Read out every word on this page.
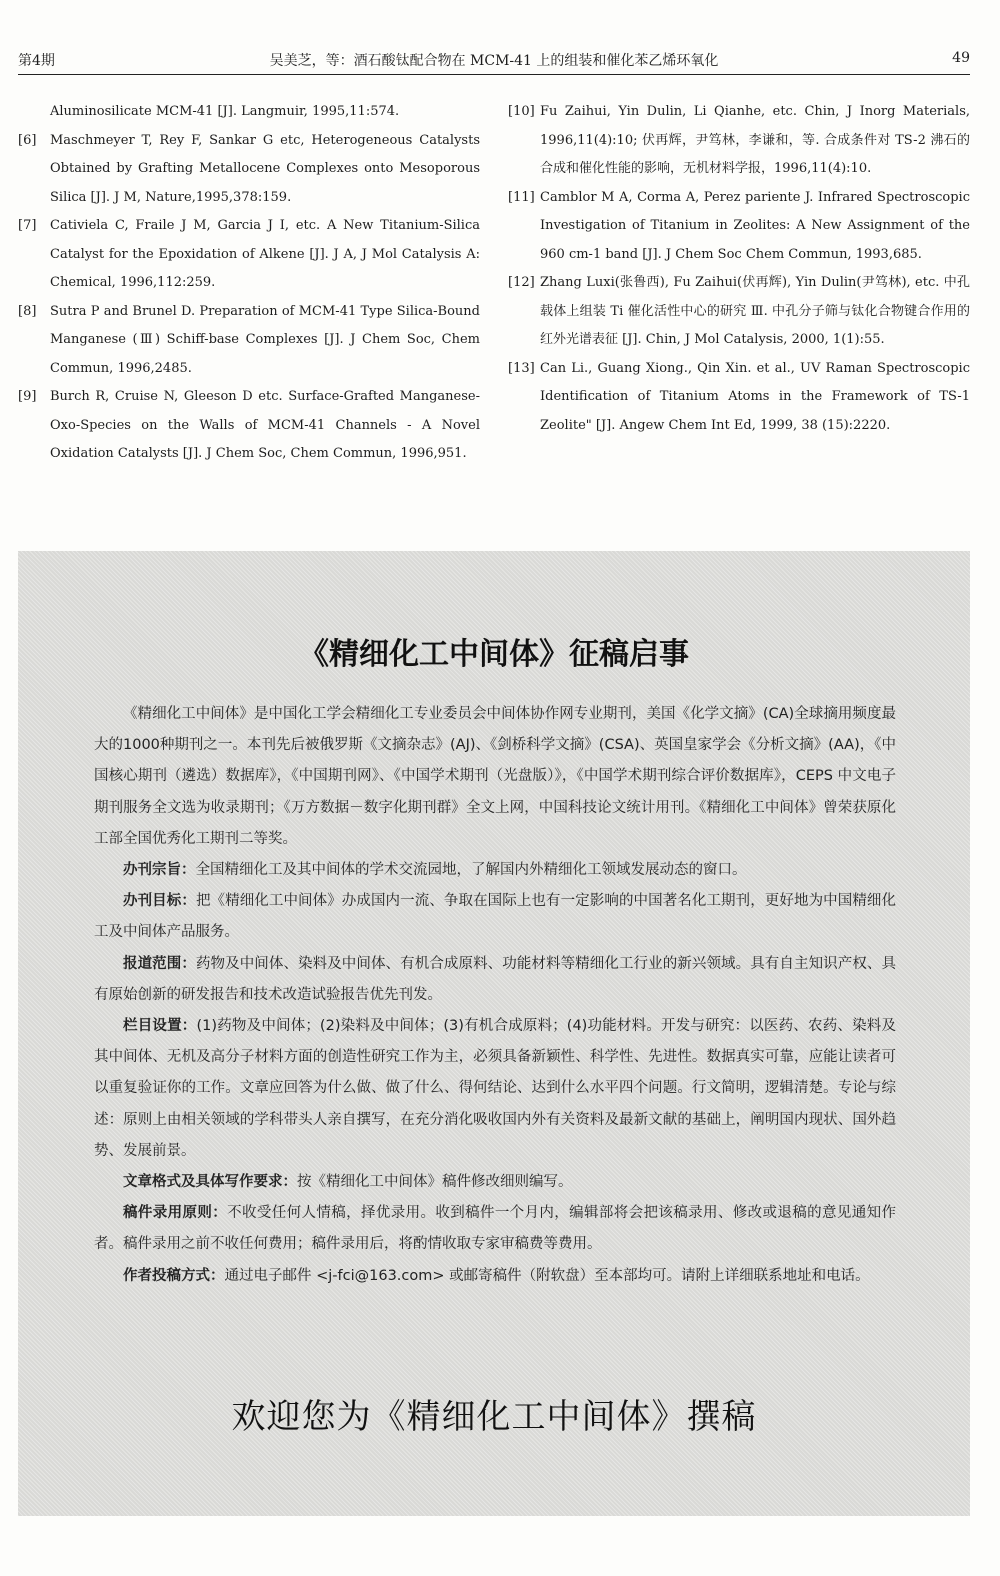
第4期	吴美芝，等：酒石酸钛配合物在 MCM-41 上的组装和催化苯乙烯环氧化	49
Aluminosilicate MCM-41 [J]. Langmuir, 1995,11:574.
[6] Maschmeyer T, Rey F, Sankar G etc, Heterogeneous Catalysts Obtained by Grafting Metallocene Complexes onto Mesoporous Silica [J]. J M, Nature,1995,378:159.
[7] Cativiela C, Fraile J M, Garcia J I, etc. A New Titanium-Silica Catalyst for the Epoxidation of Alkene [J]. J A, J Mol Catalysis A: Chemical, 1996,112:259.
[8] Sutra P and Brunel D. Preparation of MCM-41 Type Silica-Bound Manganese (Ⅲ) Schiff-base Complexes [J]. J Chem Soc, Chem Commun, 1996,2485.
[9] Burch R, Cruise N, Gleeson D etc. Surface-Grafted Manganese-Oxo-Species on the Walls of MCM-41 Channels - A Novel Oxidation Catalysts [J]. J Chem Soc, Chem Commun, 1996,951.
[10] Fu Zaihui, Yin Dulin, Li Qianhe, etc. Chin, J Inorg Materials, 1996,11(4):10; 伏再辉，尹笃林，李谦和，等. 合成条件对 TS-2 沸石的合成和催化性能的影响，无机材料学报，1996,11(4):10.
[11] Camblor M A, Corma A, Perez pariente J. Infrared Spectroscopic Investigation of Titanium in Zeolites: A New Assignment of the 960 cm-1 band [J]. J Chem Soc Chem Commun, 1993,685.
[12] Zhang Luxi(张鲁西), Fu Zaihui(伏再辉), Yin Dulin(尹笃林), etc. 中孔载体上组装 Ti 催化活性中心的研究 Ⅲ. 中孔分子筛与钛化合物键合作用的红外光谱表征 [J]. Chin, J Mol Catalysis, 2000, 1(1):55.
[13] Can Li., Guang Xiong., Qin Xin. et al., UV Raman Spectroscopic Identification of Titanium Atoms in the Framework of TS-1 Zeolite" [J]. Angew Chem Int Ed, 1999, 38 (15):2220.
《精细化工中间体》征稿启事

《精细化工中间体》是中国化工学会精细化工专业委员会中间体协作网专业期刊，美国《化学文摘》(CA)全球摘用频度最大的1000种期刊之一。本刊先后被俄罗斯《文摘杂志》(AJ)、《剑桥科学文摘》(CSA)、英国皇家学会《分析文摘》(AA)，《中国核心期刊（遴选）数据库》，《中国期刊网》、《中国学术期刊（光盘版）》，《中国学术期刊综合评价数据库》，CEPS 中文电子期刊服务全文选为收录期刊；《万方数据－数字化期刊群》全文上网，中国科技论文统计用刊。《精细化工中间体》曾荣获原化工部全国优秀化工期刊二等奖。

办刊宗旨：全国精细化工及其中间体的学术交流园地，了解国内外精细化工领域发展动态的窗口。

办刊目标：把《精细化工中间体》办成国内一流、争取在国际上也有一定影响的中国著名化工期刊，更好地为中国精细化工及中间体产品服务。

报道范围：药物及中间体、染料及中间体、有机合成原料、功能材料等精细化工行业的新兴领域。具有自主知识产权、具有原始创新的研发报告和技术改造试验报告优先刊发。

栏目设置：(1)药物及中间体；(2)染料及中间体；(3)有机合成原料；(4)功能材料。开发与研究：以医药、农药、染料及其中间体、无机及高分子材料方面的创造性研究工作为主，必须具备新颖性、科学性、先进性。数据真实可靠，应能让读者可以重复验证你的工作。文章应回答为什么做、做了什么、得何结论、达到什么水平四个问题。行文简明，逻辑清楚。专论与综述：原则上由相关领域的学科带头人亲自撰写，在充分消化吸收国内外有关资料及最新文献的基础上，阐明国内现状、国外趋势、发展前景。

文章格式及具体写作要求：按《精细化工中间体》稿件修改细则编写。

稿件录用原则：不收受任何人情稿，择优录用。收到稿件一个月内，编辑部将会把该稿录用、修改或退稿的意见通知作者。稿件录用之前不收任何费用；稿件录用后，将酌情收取专家审稿费等费用。

作者投稿方式：通过电子邮件 <j-fci@163.com> 或邮寄稿件（附软盘）至本部均可。请附上详细联系地址和电话。

欢迎您为《精细化工中间体》撰稿
